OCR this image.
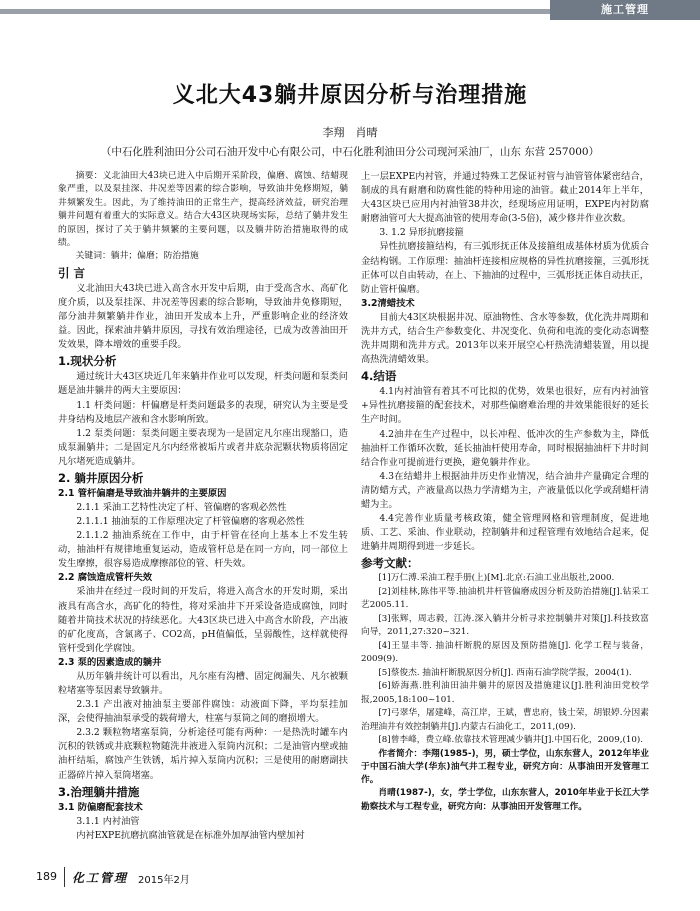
施工管理
义北大43躺井原因分析与治理措施
李翔　肖晴
（中石化胜利油田分公司石油开发中心有限公司，中石化胜利油田分公司现河采油厂，山东 东营 257000）

摘要：义北油田大43块已进入中后期开采阶段，偏磨、腐蚀、结蜡现象严重，以及泵挂深、井况差等因素的综合影响，导致油井免修期短，躺井频繁发生。因此，为了维持油田的正常生产，提高经济效益，研究治理躺井问题有着重大的实际意义。结合大43区块现场实际，总结了躺井发生的原因，探讨了关于躺井频繁的主要问题，以及躺井防治措施取得的成绩。

关键词：躺井；偏磨；防治措施

引 言

义北油田大43块已进入高含水开发中后期，由于受高含水、高矿化度介质，以及泵挂深、井况差等因素的综合影响，导致油井免修期短，部分油井频繁躺井作业，油田开发成本上升，严重影响企业的经济效益。因此，探索油井躺井原因，寻找有效治理途径，已成为改善油田开发效果，降本增效的重要手段。

1.现状分析

通过统计大43区块近几年来躺井作业可以发现，杆类问题和泵类问题是油井躺井的两大主要原因：

1.1 杆类问题：杆偏磨是杆类问题最多的表现，研究认为主要是受井身结构及地层产液和含水影响所致。

1.2 泵类问题：泵类问题主要表现为一是固定凡尔座出现豁口，造成泵漏躺井；二是固定凡尔内经常被垢片或者井底杂泥颗状物质将固定凡尔堵死造成躺井。

2. 躺井原因分析

2.1 管杆偏磨是导致油井躺井的主要原因

2.1.1 采油工艺特性决定了杆、管偏磨的客观必然性

2.1.1.1 抽油泵的工作原理决定了杆管偏磨的客观必然性

2.1.1.2 抽油系统在工作中，由于杆管在径向上基本上不发生转动，抽油杆有规律地重复运动，造成管杆总是在同一方向，同一部位上发生摩擦，很容易造成摩擦部位的管、杆失效。

2.2 腐蚀造成管杆失效

采油井在经过一段时间的开发后，将进入高含水的开发时期，采出液具有高含水，高矿化的特性，将对采油井下开采设备造成腐蚀，同时随着井筒技术状况的持续恶化。大43区块已进入中高含水阶段，产出液的矿化度高，含氯离子、CO2高，pH值偏低，呈弱酸性，这样就使得管杆受到化学腐蚀。

2.3 泵的因素造成的躺井

从历年躺井统计可以看出，凡尔座有沟槽、固定阀漏失、凡尔被颗粒堵塞等泵因素导致躺井。

2.3.1 产出液对抽油泵主要部件腐蚀：动液面下降，平均泵挂加深，会使得抽油泵承受的载荷增大，柱塞与泵筒之间的磨损增大。

2.3.2 颗粒物堵塞泵筒，分析途径可能有两种：一是热洗时罐车内沉积的铁锈或井底颗粒物随洗井液进入泵筒内沉积；二是油管内壁或抽油杆结垢，腐蚀产生铁锈，垢片掉入泵筒内沉积；三是使用的耐磨副扶正器碎片掉入泵筒堵塞。

3.治理躺井措施

3.1 防偏磨配套技术

3.1.1 内衬油管

内衬EXPE抗磨抗腐油管就是在标准外加厚油管内壁加衬

上一层EXPE内衬管，并通过特殊工艺保证衬管与油管管体紧密结合，制成的具有耐磨和防腐性能的特种用途的油管。截止2014年上半年，大43区块已应用内衬油管38井次，经现场应用证明，EXPE内衬防腐耐磨油管可大大提高油管的使用寿命(3-5倍)，减少修井作业次数。

3. 1.2 异形抗磨接箍

异性抗磨接箍结构，有三弧形抚正体及接箍组成基体材质为优质合金结构钢。工作原理：抽油杆连接相应规格的异性抗磨接箍，三弧形抚正体可以自由转动，在上、下抽油的过程中，三弧形抚正体自动扶正，防止管杆偏磨。

3.2清蜡技术

目前大43区块根据井况、原油物性、含水等参数，优化洗井周期和洗井方式，结合生产参数变化、井况变化、负荷和电流的变化动态调整洗井周期和洗井方式。2013年以来开展空心杆热洗清蜡装置，用以提高热洗清蜡效果。

4.结语

4.1内衬油管有着其不可比拟的优势，效果也很好，应有内衬油管+异性抗磨接箍的配套技术，对那些偏磨难治理的井效果能很好的延长生产时间。

4.2油井在生产过程中，以长冲程、低冲次的生产参数为主，降低抽油杆工作循环次数，延长抽油杆使用寿命，同时根据抽油杆下井时间结合作业可提前进行更换，避免躺井作业。

4.3在结蜡井上根据油井历史作业情况，结合油井产量确定合理的清防蜡方式，产液量高以热力学清蜡为主，产液量低以化学或刮蜡杆清蜡为主。

4.4完善作业质量考核政策，健全管理网格和管理制度，促进地质、工艺、采油、作业联动，控制躺井和过程管理有效地结合起来，促进躺井周期得到进一步延长。

参考文献：

[1]万仁溥.采油工程手册(上)[M].北京:石油工业出版社,2000.

[2]刘桂林,陈伟平等.抽油机井杆管偏磨成因分析及防治措施[J].钻采工艺2005.11.

[3]张辉，周志毅，江涛.深入躺井分析寻求控制躺井对策[J].科技致富向导，2011,27:320~321.

[4]王显丰等. 抽油杆断脱的原因及预防措施[J]. 化学工程与装备，2009(9).

[5]蔡俊杰. 抽油杆断脱原因分析[J]. 西南石油学院学报，2004(1).

[6]娇海燕.胜利油田油井躺井的原因及措施建议[J].胜利油田党校学报,2005,18:100~101.

[7]弓翠华，屠建峰，高江岸，王斌，曹忠府，钱士荣，胡银婷.分因素治理油井有效控制躺井[J].内蒙古石油化工，2011,(09).

[8]曾李峰，费立峰.依靠技术管理减少躺井[J].中国石化，2009,(10).

作者简介：李翔(1985-)，男，硕士学位，山东东营人，2012年毕业于中国石油大学(华东)油气井工程专业，研究方向：从事油田开发管理工作。

肖晴(1987-)，女，学士学位，山东东营人，2010年毕业于长江大学勘察技术与工程专业，研究方向：从事油田开发管理工作。

189 化工管理 2015年2月
